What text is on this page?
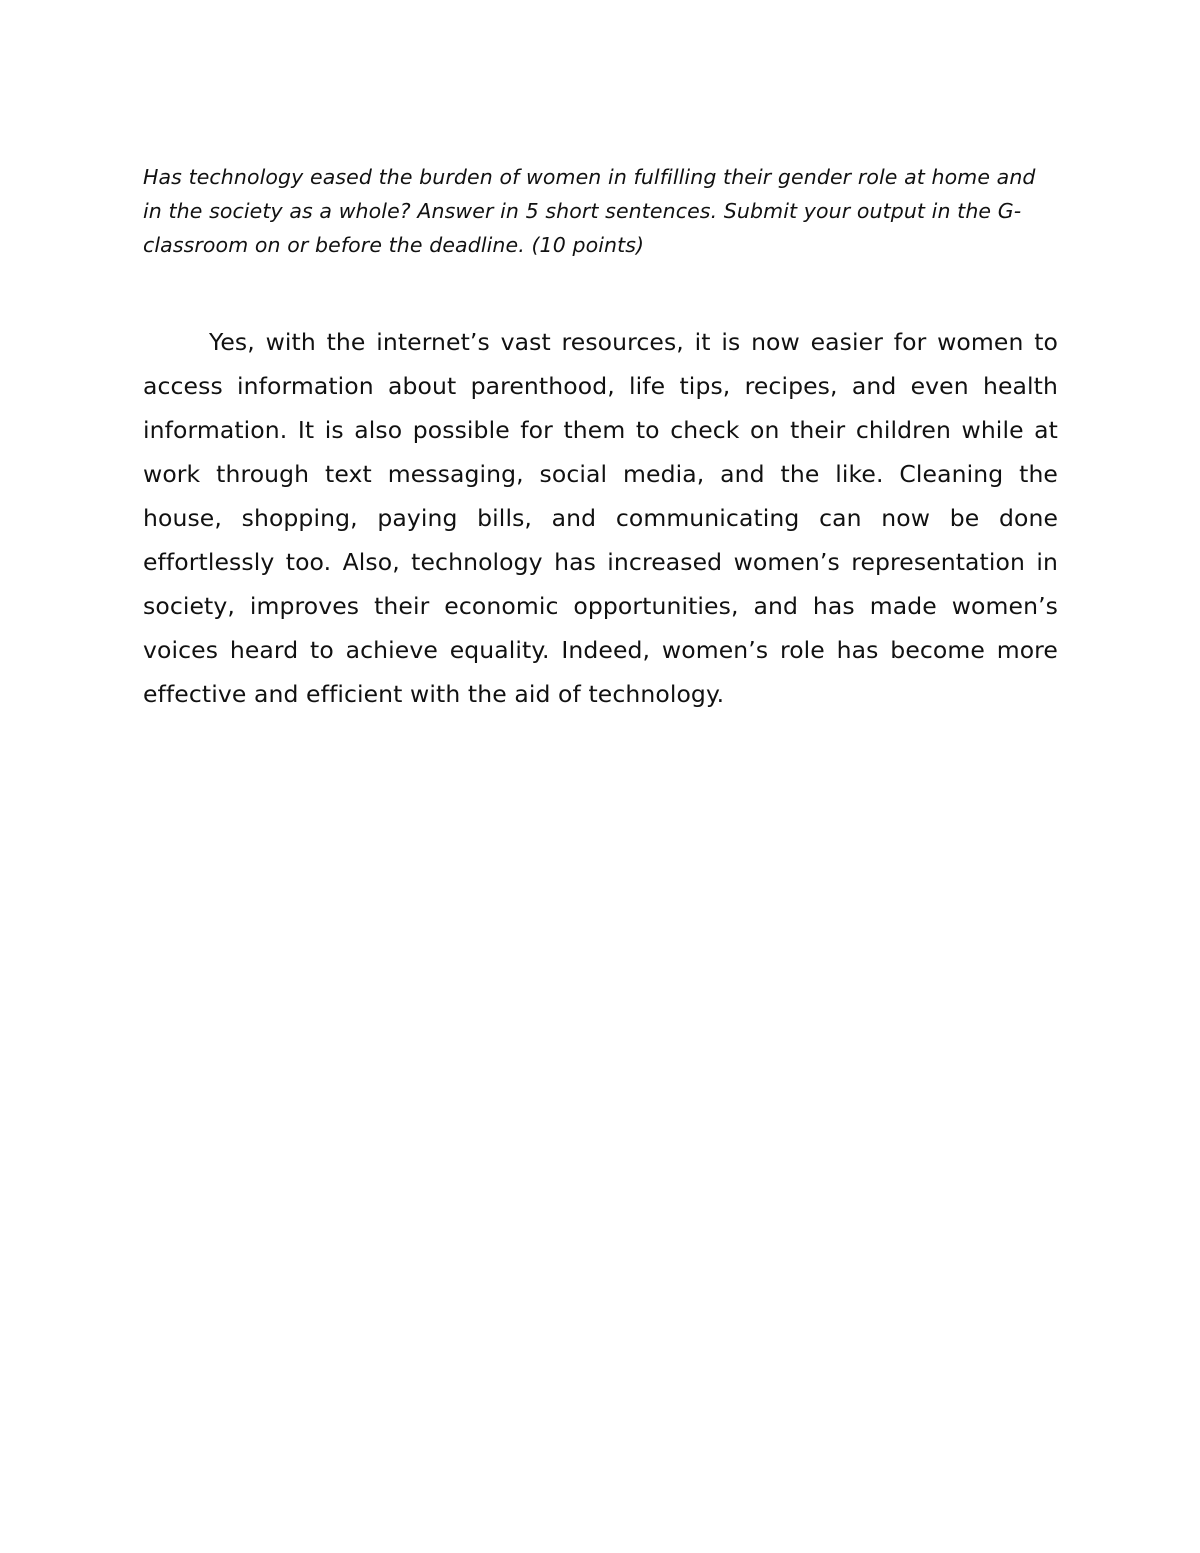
Has technology eased the burden of women in fulfilling their gender role at home and in the society as a whole? Answer in 5 short sentences. Submit your output in the G-classroom on or before the deadline. (10 points)

Yes, with the internet’s vast resources, it is now easier for women to access information about parenthood, life tips, recipes, and even health information. It is also possible for them to check on their children while at work through text messaging, social media, and the like. Cleaning the house, shopping, paying bills, and communicating can now be done effortlessly too. Also, technology has increased women’s representation in society, improves their economic opportunities, and has made women’s voices heard to achieve equality. Indeed, women’s role has become more effective and efficient with the aid of technology.
